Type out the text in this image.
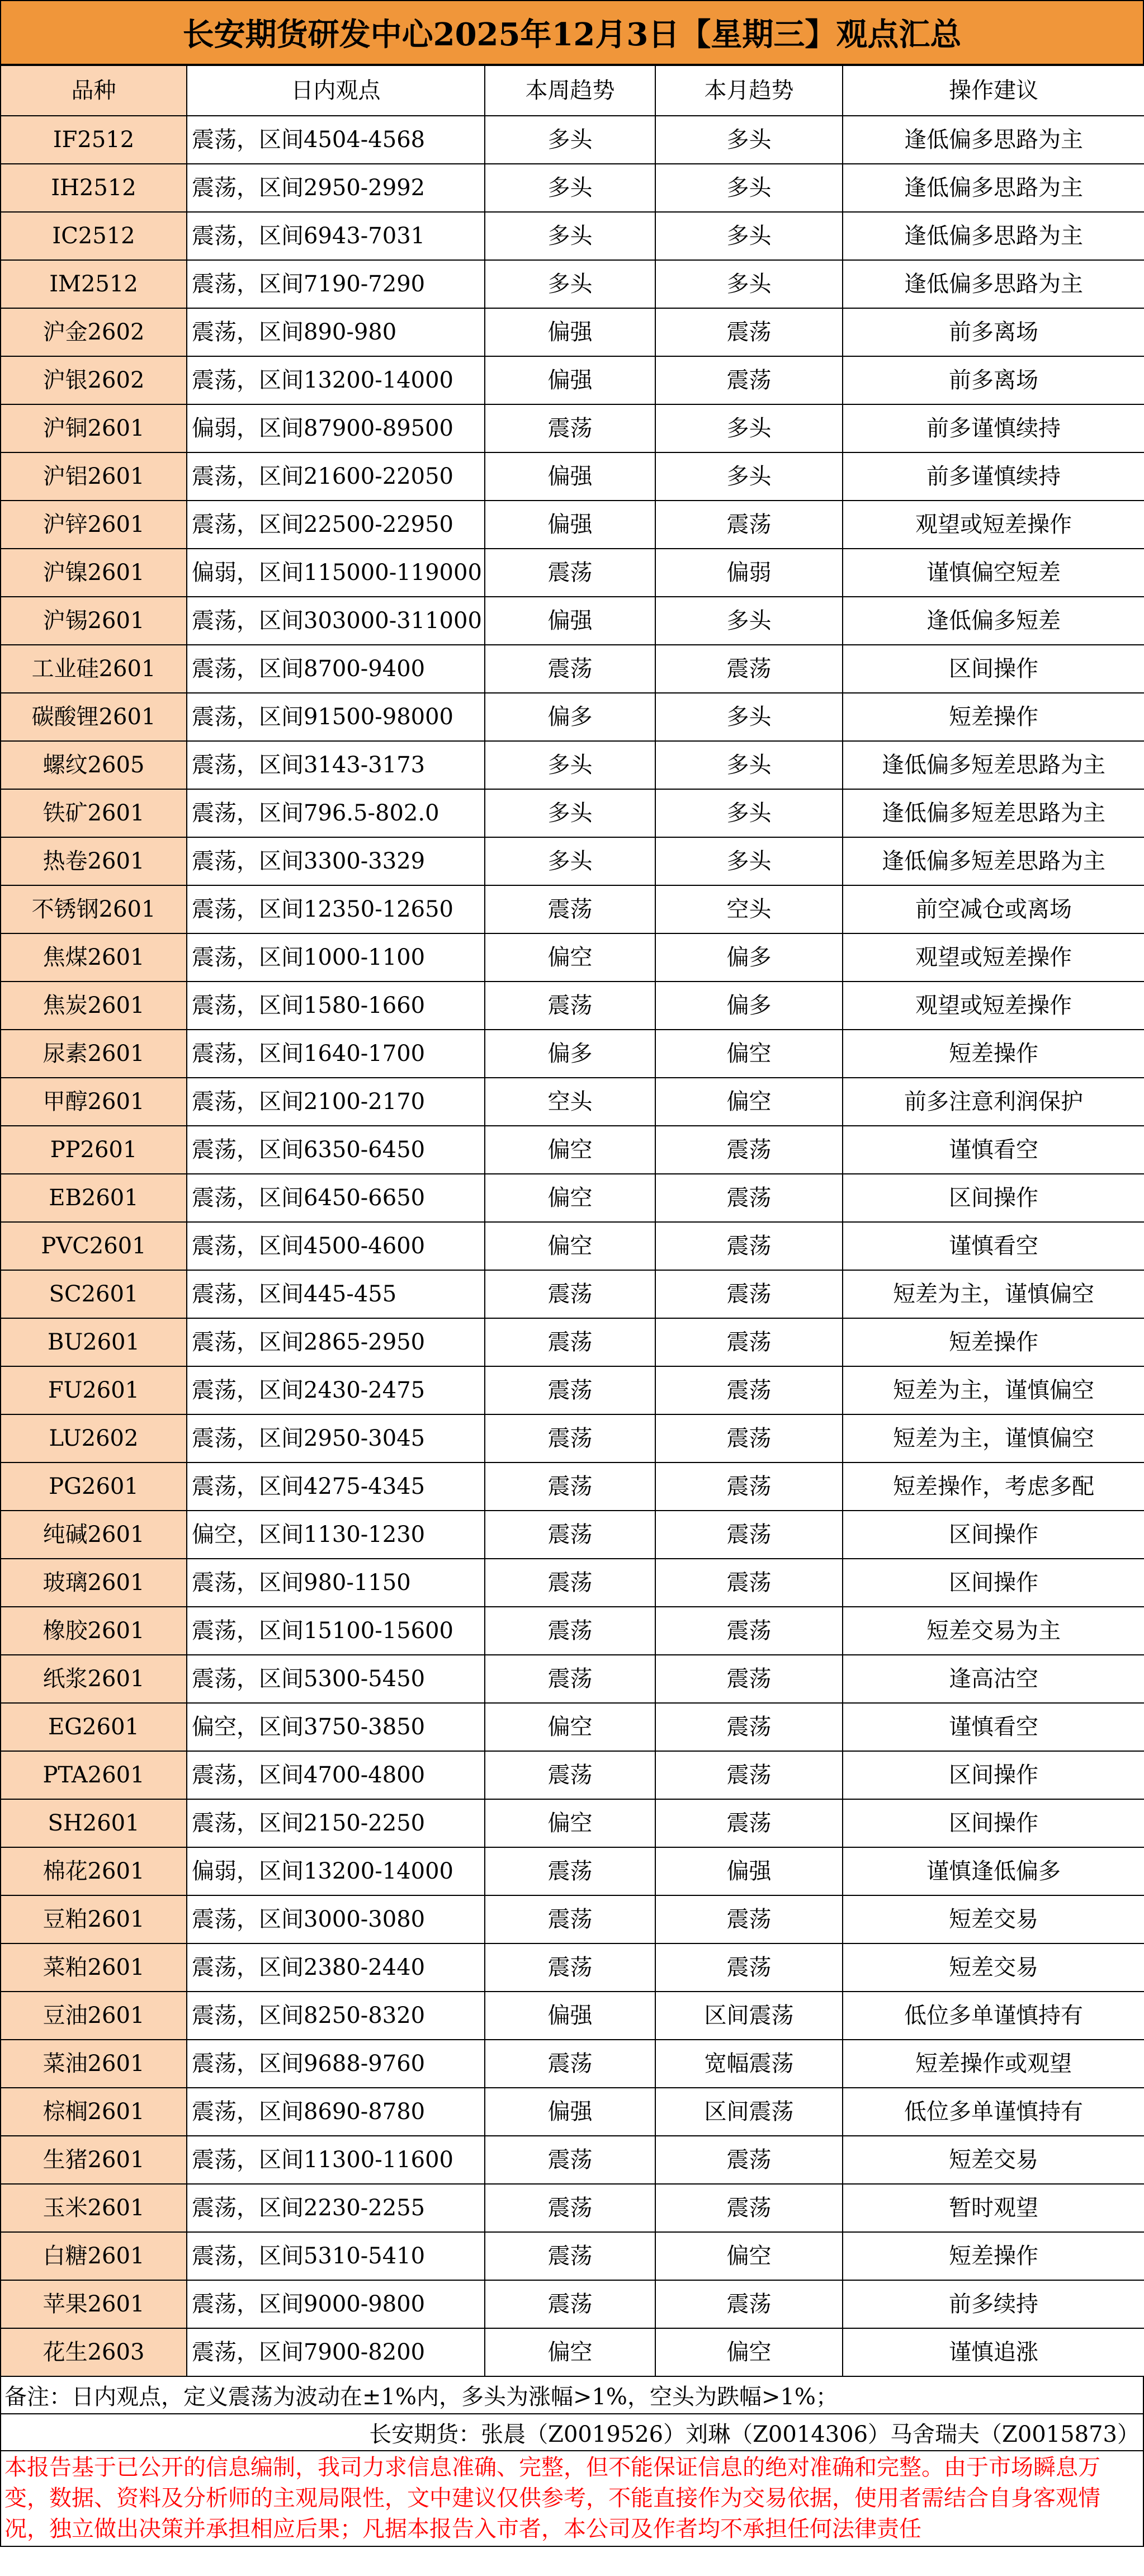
长安期货研发中心2025年12月3日【星期三】观点汇总
品种	日内观点	本周趋势	本月趋势	操作建议
IF2512	震荡，区间4504-4568	多头	多头	逢低偏多思路为主
IH2512	震荡，区间2950-2992	多头	多头	逢低偏多思路为主
IC2512	震荡，区间6943-7031	多头	多头	逢低偏多思路为主
IM2512	震荡，区间7190-7290	多头	多头	逢低偏多思路为主
沪金2602	震荡，区间890-980	偏强	震荡	前多离场
沪银2602	震荡，区间13200-14000	偏强	震荡	前多离场
沪铜2601	偏弱，区间87900-89500	震荡	多头	前多谨慎续持
沪铝2601	震荡，区间21600-22050	偏强	多头	前多谨慎续持
沪锌2601	震荡，区间22500-22950	偏强	震荡	观望或短差操作
沪镍2601	偏弱，区间115000-119000	震荡	偏弱	谨慎偏空短差
沪锡2601	震荡，区间303000-311000	偏强	多头	逢低偏多短差
工业硅2601	震荡，区间8700-9400	震荡	震荡	区间操作
碳酸锂2601	震荡，区间91500-98000	偏多	多头	短差操作
螺纹2605	震荡，区间3143-3173	多头	多头	逢低偏多短差思路为主
铁矿2601	震荡，区间796.5-802.0	多头	多头	逢低偏多短差思路为主
热卷2601	震荡，区间3300-3329	多头	多头	逢低偏多短差思路为主
不锈钢2601	震荡，区间12350-12650	震荡	空头	前空减仓或离场
焦煤2601	震荡，区间1000-1100	偏空	偏多	观望或短差操作
焦炭2601	震荡，区间1580-1660	震荡	偏多	观望或短差操作
尿素2601	震荡，区间1640-1700	偏多	偏空	短差操作
甲醇2601	震荡，区间2100-2170	空头	偏空	前多注意利润保护
PP2601	震荡，区间6350-6450	偏空	震荡	谨慎看空
EB2601	震荡，区间6450-6650	偏空	震荡	区间操作
PVC2601	震荡，区间4500-4600	偏空	震荡	谨慎看空
SC2601	震荡，区间445-455	震荡	震荡	短差为主，谨慎偏空
BU2601	震荡，区间2865-2950	震荡	震荡	短差操作
FU2601	震荡，区间2430-2475	震荡	震荡	短差为主，谨慎偏空
LU2602	震荡，区间2950-3045	震荡	震荡	短差为主，谨慎偏空
PG2601	震荡，区间4275-4345	震荡	震荡	短差操作，考虑多配
纯碱2601	偏空，区间1130-1230	震荡	震荡	区间操作
玻璃2601	震荡，区间980-1150	震荡	震荡	区间操作
橡胶2601	震荡，区间15100-15600	震荡	震荡	短差交易为主
纸浆2601	震荡，区间5300-5450	震荡	震荡	逢高沽空
EG2601	偏空，区间3750-3850	偏空	震荡	谨慎看空
PTA2601	震荡，区间4700-4800	震荡	震荡	区间操作
SH2601	震荡，区间2150-2250	偏空	震荡	区间操作
棉花2601	偏弱，区间13200-14000	震荡	偏强	谨慎逢低偏多
豆粕2601	震荡，区间3000-3080	震荡	震荡	短差交易
菜粕2601	震荡，区间2380-2440	震荡	震荡	短差交易
豆油2601	震荡，区间8250-8320	偏强	区间震荡	低位多单谨慎持有
菜油2601	震荡，区间9688-9760	震荡	宽幅震荡	短差操作或观望
棕榈2601	震荡，区间8690-8780	偏强	区间震荡	低位多单谨慎持有
生猪2601	震荡，区间11300-11600	震荡	震荡	短差交易
玉米2601	震荡，区间2230-2255	震荡	震荡	暂时观望
白糖2601	震荡，区间5310-5410	震荡	偏空	短差操作
苹果2601	震荡，区间9000-9800	震荡	震荡	前多续持
花生2603	震荡，区间7900-8200	偏空	偏空	谨慎追涨
备注：日内观点，定义震荡为波动在±1%内，多头为涨幅>1%，空头为跌幅>1%；
长安期货：张晨（Z0019526）刘琳（Z0014306）马舍瑞夫（Z0015873）
本报告基于已公开的信息编制，我司力求信息准确、完整，但不能保证信息的绝对准确和完整。由于市场瞬息万变，数据、资料及分析师的主观局限性，文中建议仅供参考，不能直接作为交易依据，使用者需结合自身客观情况，独立做出决策并承担相应后果；凡据本报告入市者，本公司及作者均不承担任何法律责任
